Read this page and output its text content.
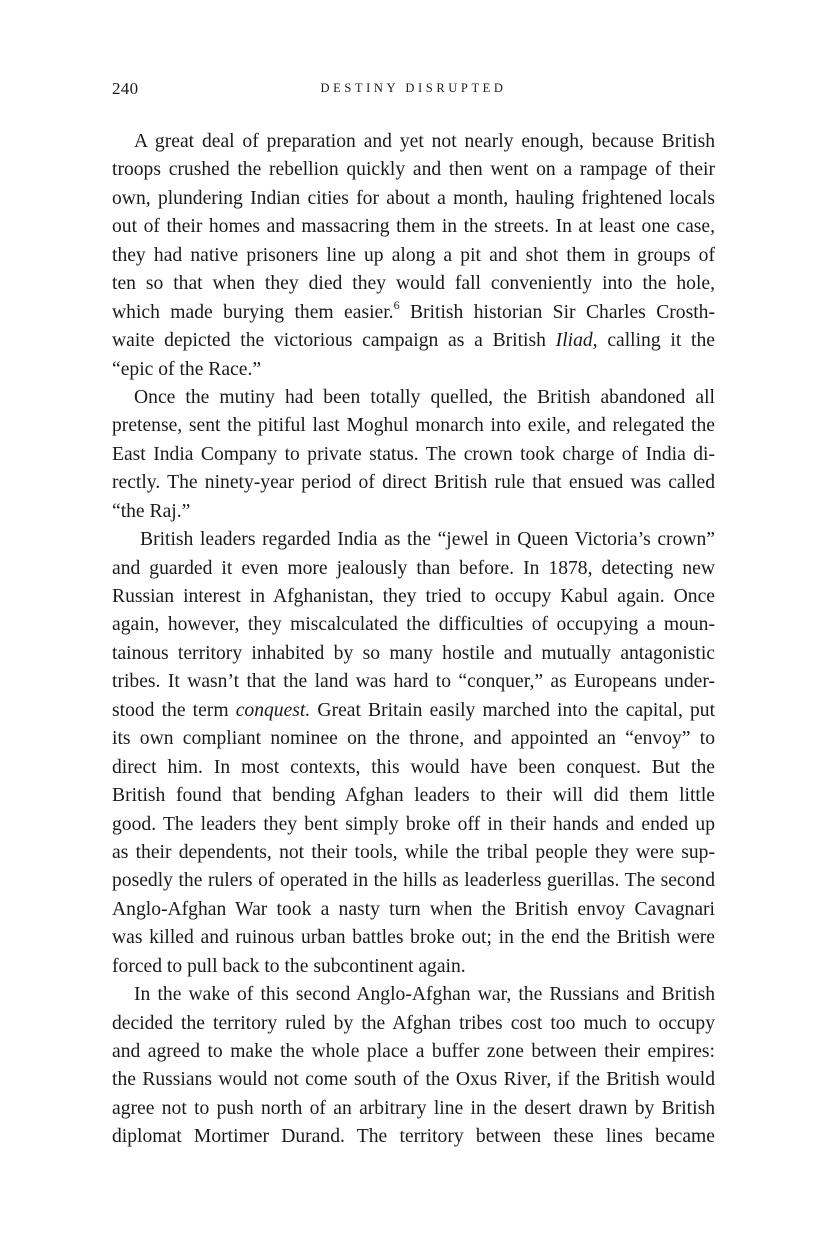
240	DESTINY DISRUPTED
A great deal of preparation and yet not nearly enough, because British
troops crushed the rebellion quickly and then went on a rampage of their
own, plundering Indian cities for about a month, hauling frightened locals
out of their homes and massacring them in the streets. In at least one case,
they had native prisoners line up along a pit and shot them in groups of
ten so that when they died they would fall conveniently into the hole,
which made burying them easier.$^6$ British historian Sir Charles Crosth-
waite depicted the victorious campaign as a British Iliad, calling it the
“epic of the Race.”
Once the mutiny had been totally quelled, the British abandoned all
pretense, sent the pitiful last Moghul monarch into exile, and relegated the
East India Company to private status. The crown took charge of India di-
rectly. The ninety-year period of direct British rule that ensued was called
“the Raj.”
British leaders regarded India as the “jewel in Queen Victoria’s crown”
and guarded it even more jealously than before. In 1878, detecting new
Russian interest in Afghanistan, they tried to occupy Kabul again. Once
again, however, they miscalculated the difficulties of occupying a moun-
tainous territory inhabited by so many hostile and mutually antagonistic
tribes. It wasn’t that the land was hard to “conquer,” as Europeans under-
stood the term conquest. Great Britain easily marched into the capital, put
its own compliant nominee on the throne, and appointed an “envoy” to
direct him. In most contexts, this would have been conquest. But the
British found that bending Afghan leaders to their will did them little
good. The leaders they bent simply broke off in their hands and ended up
as their dependents, not their tools, while the tribal people they were sup-
posedly the rulers of operated in the hills as leaderless guerillas. The second
Anglo-Afghan War took a nasty turn when the British envoy Cavagnari
was killed and ruinous urban battles broke out; in the end the British were
forced to pull back to the subcontinent again.
In the wake of this second Anglo-Afghan war, the Russians and British
decided the territory ruled by the Afghan tribes cost too much to occupy
and agreed to make the whole place a buffer zone between their empires:
the Russians would not come south of the Oxus River, if the British would
agree not to push north of an arbitrary line in the desert drawn by British
diplomat Mortimer Durand. The territory between these lines became
